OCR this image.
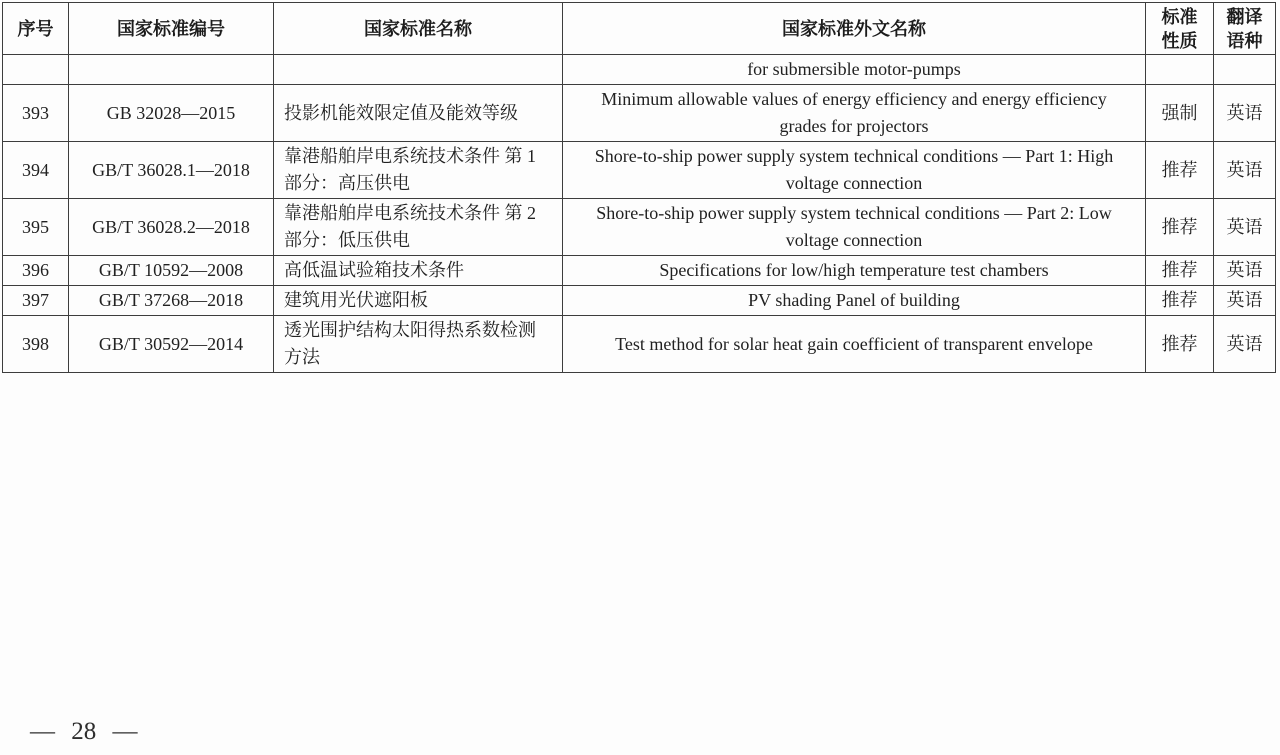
序号	国家标准编号	国家标准名称	国家标准外文名称	标准性质	翻译语种
			for submersible motor-pumps		
393	GB 32028—2015	投影机能效限定值及能效等级	Minimum allowable values of energy efficiency and energy efficiency grades for projectors	强制	英语
394	GB/T 36028.1—2018	靠港船舶岸电系统技术条件 第 1 部分：高压供电	Shore-to-ship power supply system technical conditions — Part 1: High voltage connection	推荐	英语
395	GB/T 36028.2—2018	靠港船舶岸电系统技术条件 第 2 部分：低压供电	Shore-to-ship power supply system technical conditions — Part 2: Low voltage connection	推荐	英语
396	GB/T 10592—2008	高低温试验箱技术条件	Specifications for low/high temperature test chambers	推荐	英语
397	GB/T 37268—2018	建筑用光伏遮阳板	PV shading Panel of building	推荐	英语
398	GB/T 30592—2014	透光围护结构太阳得热系数检测方法	Test method for solar heat gain coefficient of transparent envelope	推荐	英语
— 28 —
